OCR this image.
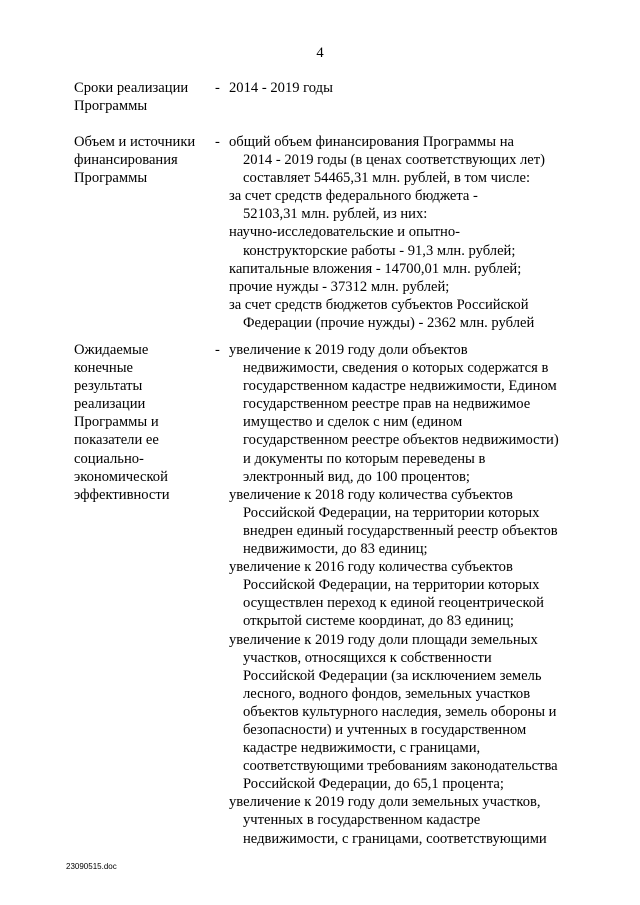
4
Сроки реализации
Программы
- 2014 - 2019 годы
Объем и источники
финансирования
Программы
- общий объем финансирования Программы на
2014 - 2019 годы (в ценах соответствующих лет)
составляет 54465,31 млн. рублей, в том числе:
за счет средств федерального бюджета -
52103,31 млн. рублей, из них:
научно-исследовательские и опытно-
конструкторские работы - 91,3 млн. рублей;
капитальные вложения - 14700,01 млн. рублей;
прочие нужды - 37312 млн. рублей;
за счет средств бюджетов субъектов Российской
Федерации (прочие нужды) - 2362 млн. рублей
Ожидаемые
конечные
результаты
реализации
Программы и
показатели ее
социально-
экономической
эффективности
- увеличение к 2019 году доли объектов
недвижимости, сведения о которых содержатся в
государственном кадастре недвижимости, Едином
государственном реестре прав на недвижимое
имущество и сделок с ним (едином
государственном реестре объектов недвижимости)
и документы по которым переведены в
электронный вид, до 100 процентов;
увеличение к 2018 году количества субъектов
Российской Федерации, на территории которых
внедрен единый государственный реестр объектов
недвижимости, до 83 единиц;
увеличение к 2016 году количества субъектов
Российской Федерации, на территории которых
осуществлен переход к единой геоцентрической
открытой системе координат, до 83 единиц;
увеличение к 2019 году доли площади земельных
участков, относящихся к собственности
Российской Федерации (за исключением земель
лесного, водного фондов, земельных участков
объектов культурного наследия, земель обороны и
безопасности) и учтенных в государственном
кадастре недвижимости, с границами,
соответствующими требованиям законодательства
Российской Федерации, до 65,1 процента;
увеличение к 2019 году доли земельных участков,
учтенных в государственном кадастре
недвижимости, с границами, соответствующими
23090515.doc
